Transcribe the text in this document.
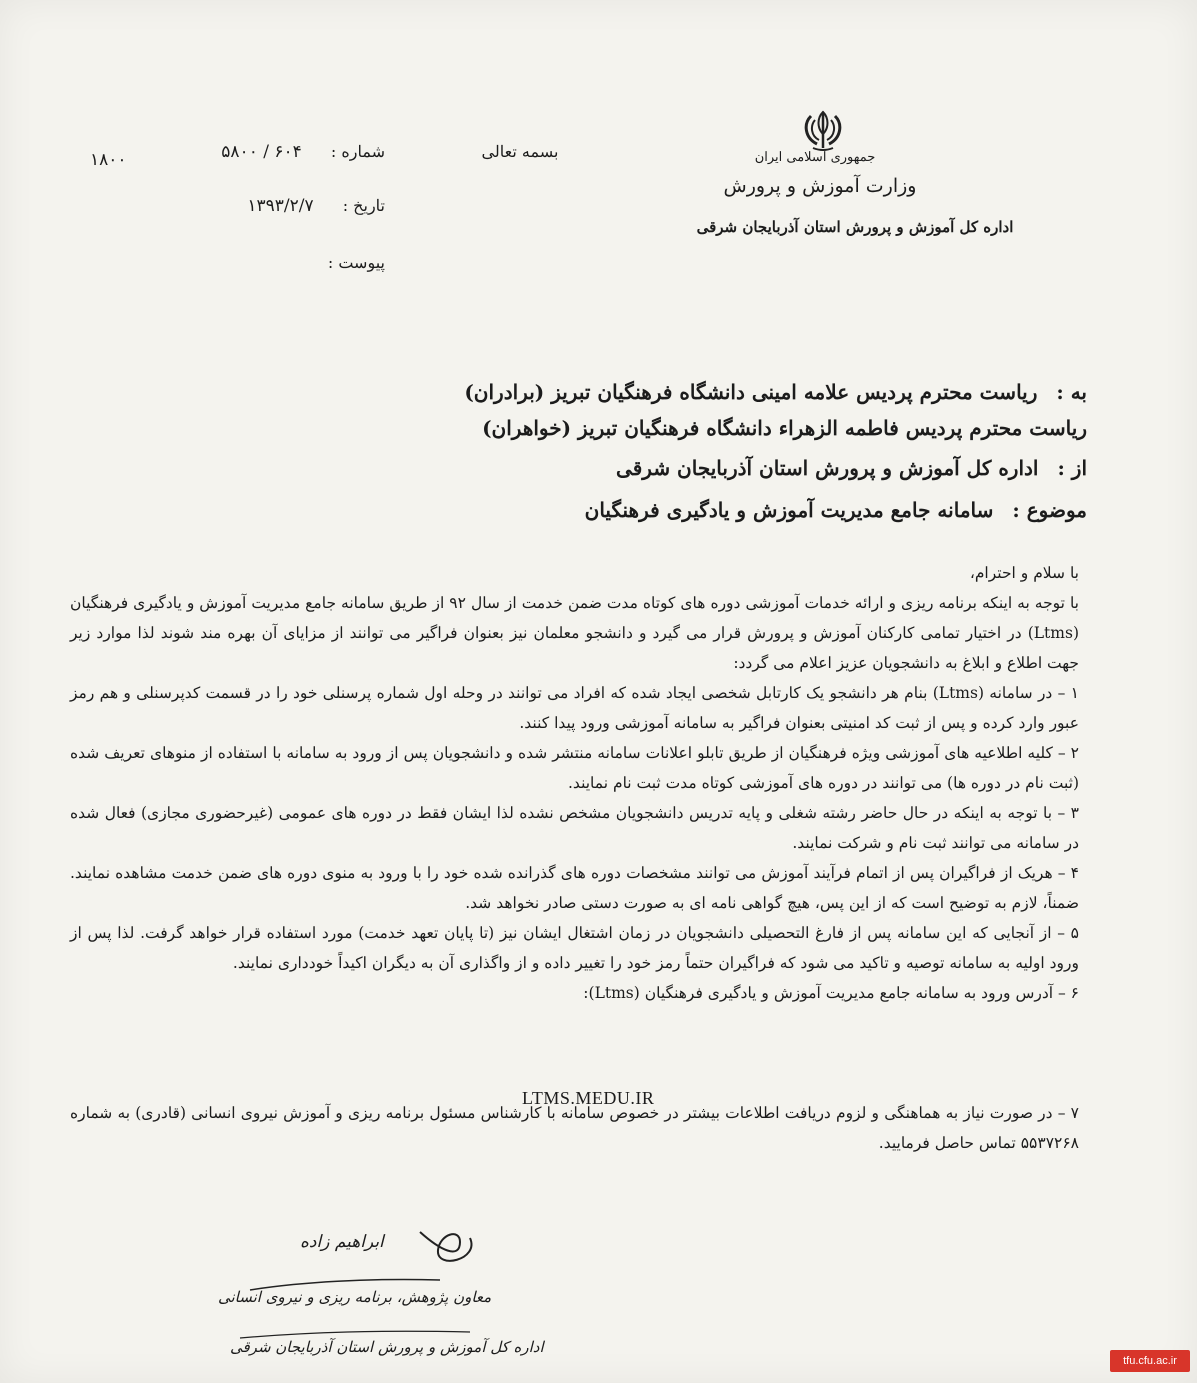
جمهوری اسلامی ایران
وزارت آموزش و پرورش
اداره کل آموزش و پرورش استان آذربایجان شرقی
بسمه تعالی
شماره : ۶۰۴ / ۵۸۰۰
۱۸۰۰
تاریخ : ۱۳۹۳/۲/۷
پیوست :
به : ریاست محترم پردیس علامه امینی دانشگاه فرهنگیان تبریز (برادران)
ریاست محترم پردیس فاطمه الزهراء دانشگاه فرهنگیان تبریز (خواهران)
از : اداره کل آموزش و پرورش استان آذربایجان شرقی
موضوع : سامانه جامع مدیریت آموزش و یادگیری فرهنگیان

با سلام و احترام،

با توجه به اینکه برنامه ریزی و ارائه خدمات آموزشی دوره های کوتاه مدت ضمن خدمت از سال ۹۲ از طریق سامانه جامع مدیریت آموزش و یادگیری فرهنگیان (Ltms) در اختیار تمامی کارکنان آموزش و پرورش قرار می گیرد و دانشجو معلمان نیز بعنوان فراگیر می توانند از مزایای آن بهره مند شوند لذا موارد زیر جهت اطلاع و ابلاغ به دانشجویان عزیز اعلام می گردد:

۱ – در سامانه (Ltms) بنام هر دانشجو یک کارتابل شخصی ایجاد شده که افراد می توانند در وحله اول شماره پرسنلی خود را در قسمت کدپرسنلی و هم رمز عبور وارد کرده و پس از ثبت کد امنیتی بعنوان فراگیر به سامانه آموزشی ورود پیدا کنند.

۲ – کلیه اطلاعیه های آموزشی ویژه فرهنگیان از طریق تابلو اعلانات سامانه منتشر شده و دانشجویان پس از ورود به سامانه با استفاده از منوهای تعریف شده (ثبت نام در دوره ها) می توانند در دوره های آموزشی کوتاه مدت ثبت نام نمایند.

۳ – با توجه به اینکه در حال حاضر رشته شغلی و پایه تدریس دانشجویان مشخص نشده لذا ایشان فقط در دوره های عمومی (غیرحضوری مجازی) فعال شده در سامانه می توانند ثبت نام و شرکت نمایند.

۴ – هریک از فراگیران پس از اتمام فرآیند آموزش می توانند مشخصات دوره های گذرانده شده خود را با ورود به منوی دوره های ضمن خدمت مشاهده نمایند. ضمناً، لازم به توضیح است که از این پس، هیچ گواهی نامه ای به صورت دستی صادر نخواهد شد.

۵ – از آنجایی که این سامانه پس از فارغ التحصیلی دانشجویان در زمان اشتغال ایشان نیز (تا پایان تعهد خدمت) مورد استفاده قرار خواهد گرفت. لذا پس از ورود اولیه به سامانه توصیه و تاکید می شود که فراگیران حتماً رمز خود را تغییر داده و از واگذاری آن به دیگران اکیداً خودداری نمایند.

۶ – آدرس ورود به سامانه جامع مدیریت آموزش و یادگیری فرهنگیان (Ltms):

LTMS.MEDU.IR

۷ – در صورت نیاز به هماهنگی و لزوم دریافت اطلاعات بیشتر در خصوص سامانه با کارشناس مسئول برنامه ریزی و آموزش نیروی انسانی (قادری) به شماره ۵۵۳۷۲۶۸ تماس حاصل فرمایید.

ابراهیم زاده
معاون پژوهش، برنامه ریزی و نیروی انسانی
اداره کل آموزش و پرورش استان آذربایجان شرقی
tfu.cfu.ac.ir
